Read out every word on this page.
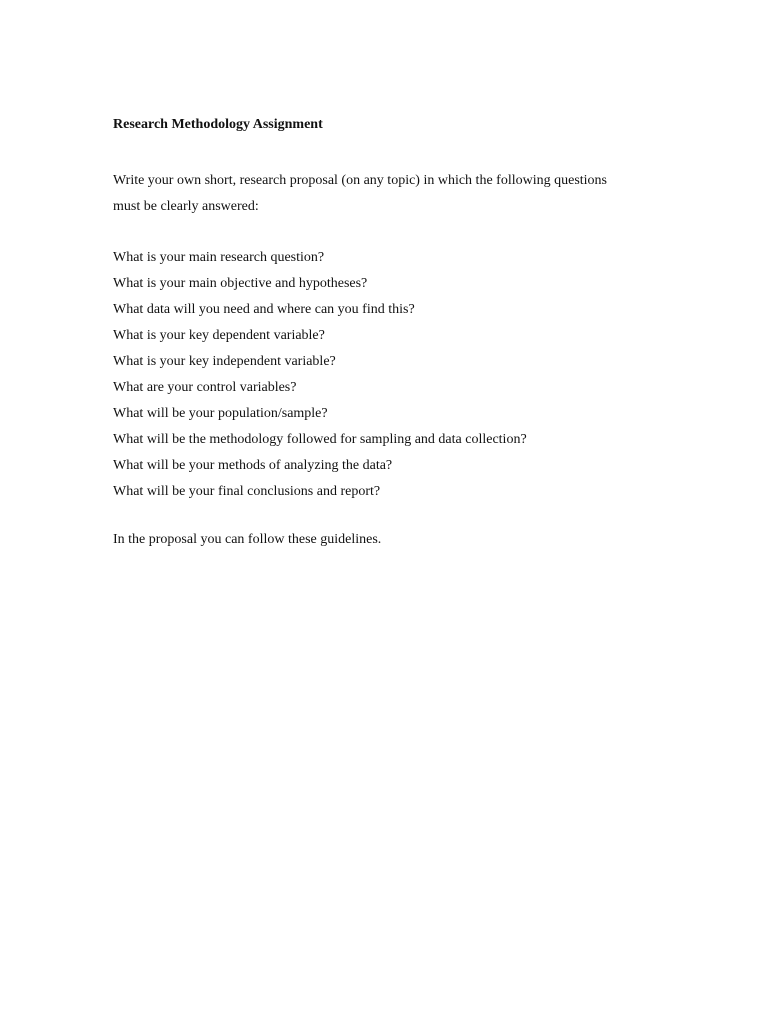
Research Methodology Assignment

Write your own short, research proposal (on any topic) in which the following questions
must be clearly answered:

What is your main research question?
What is your main objective and hypotheses?
What data will you need and where can you find this?
What is your key dependent variable?
What is your key independent variable?
What are your control variables?
What will be your population/sample?
What will be the methodology followed for sampling and data collection?
What will be your methods of analyzing the data?
What will be your final conclusions and report?

In the proposal you can follow these guidelines.
